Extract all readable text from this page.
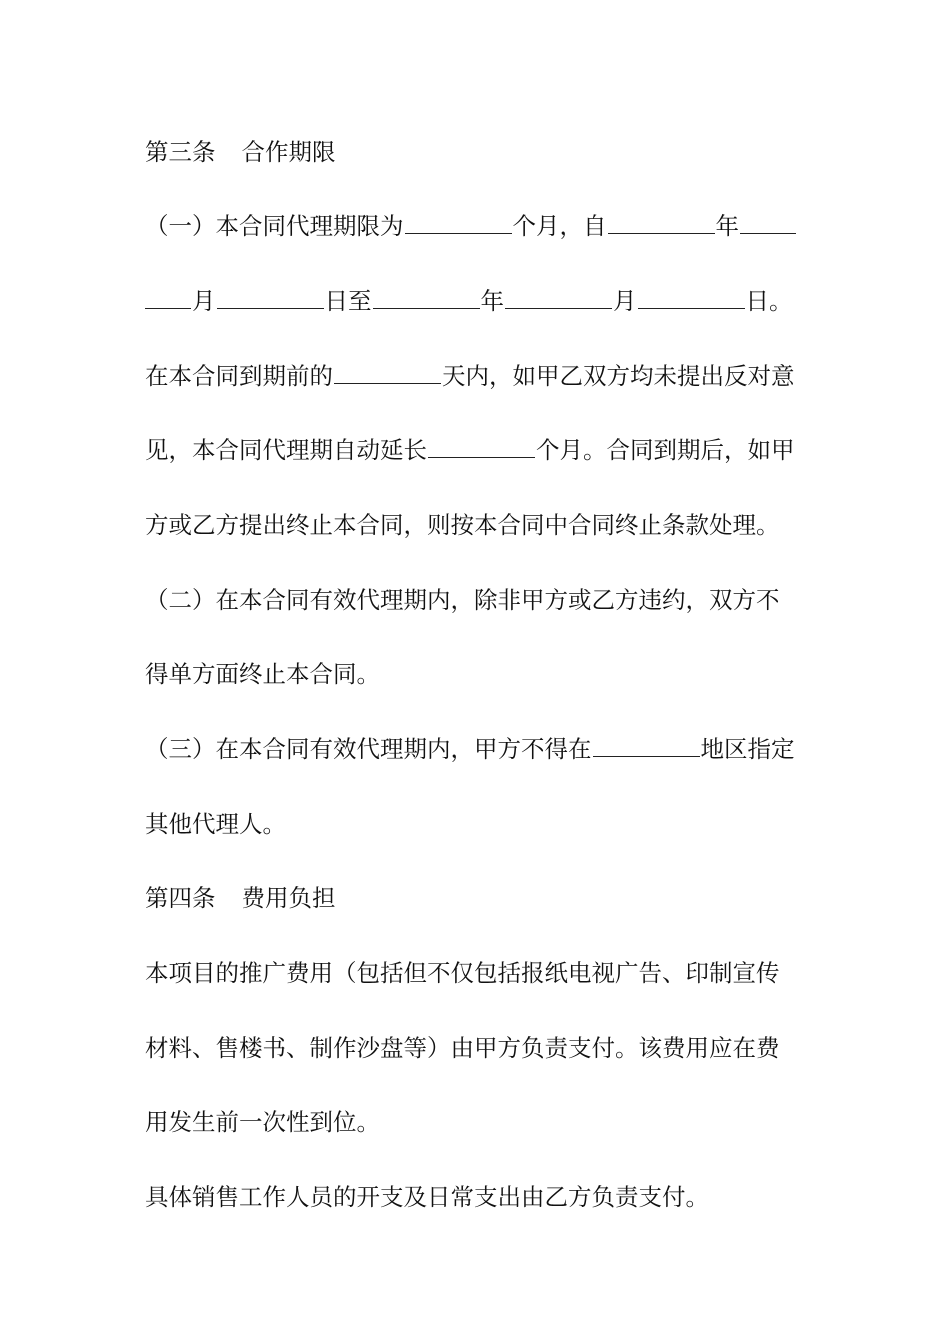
第三条 合作期限
（一）本合同代理期限为	个月，自	年
月	日至	年	月	日。
在本合同到期前的	天内，如甲乙双方均未提出反对意
见，本合同代理期自动延长	个月。合同到期后，如甲
方或乙方提出终止本合同，则按本合同中合同终止条款处理。
（二）在本合同有效代理期内，除非甲方或乙方违约，双方不
得单方面终止本合同。
（三）在本合同有效代理期内，甲方不得在	地区指定
其他代理人。
第四条 费用负担
本项目的推广费用（包括但不仅包括报纸电视广告、印制宣传
材料、售楼书、制作沙盘等）由甲方负责支付。该费用应在费
用发生前一次性到位。
具体销售工作人员的开支及日常支出由乙方负责支付。
